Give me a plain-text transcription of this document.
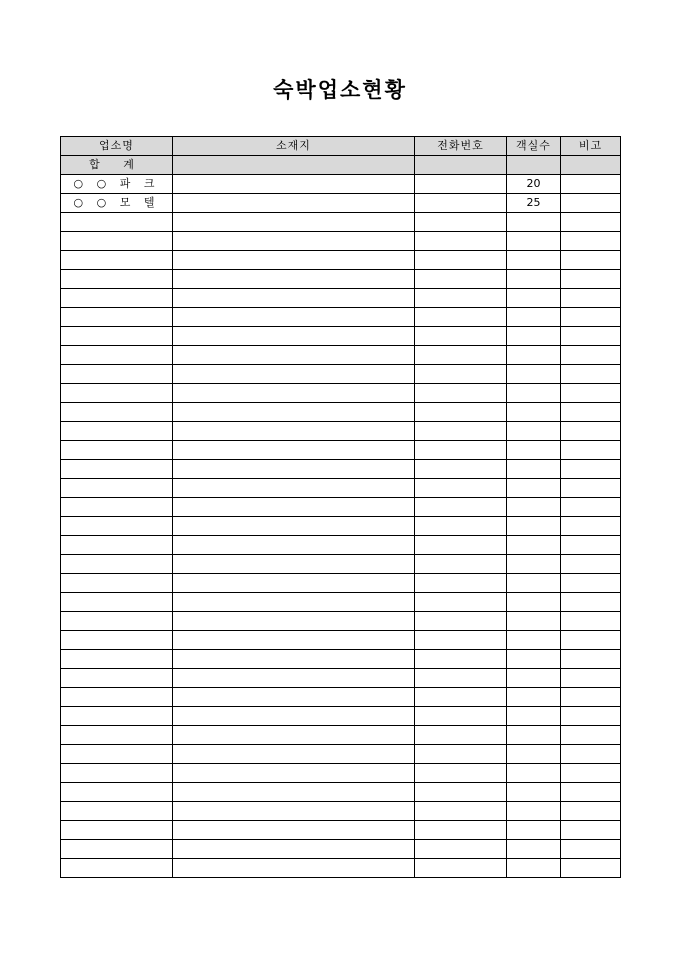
숙박업소현황
업소명	소재지	전화번호	객실수	비고
합 계				
○ ○ 파 크			20	
○ ○ 모 텔			25	
